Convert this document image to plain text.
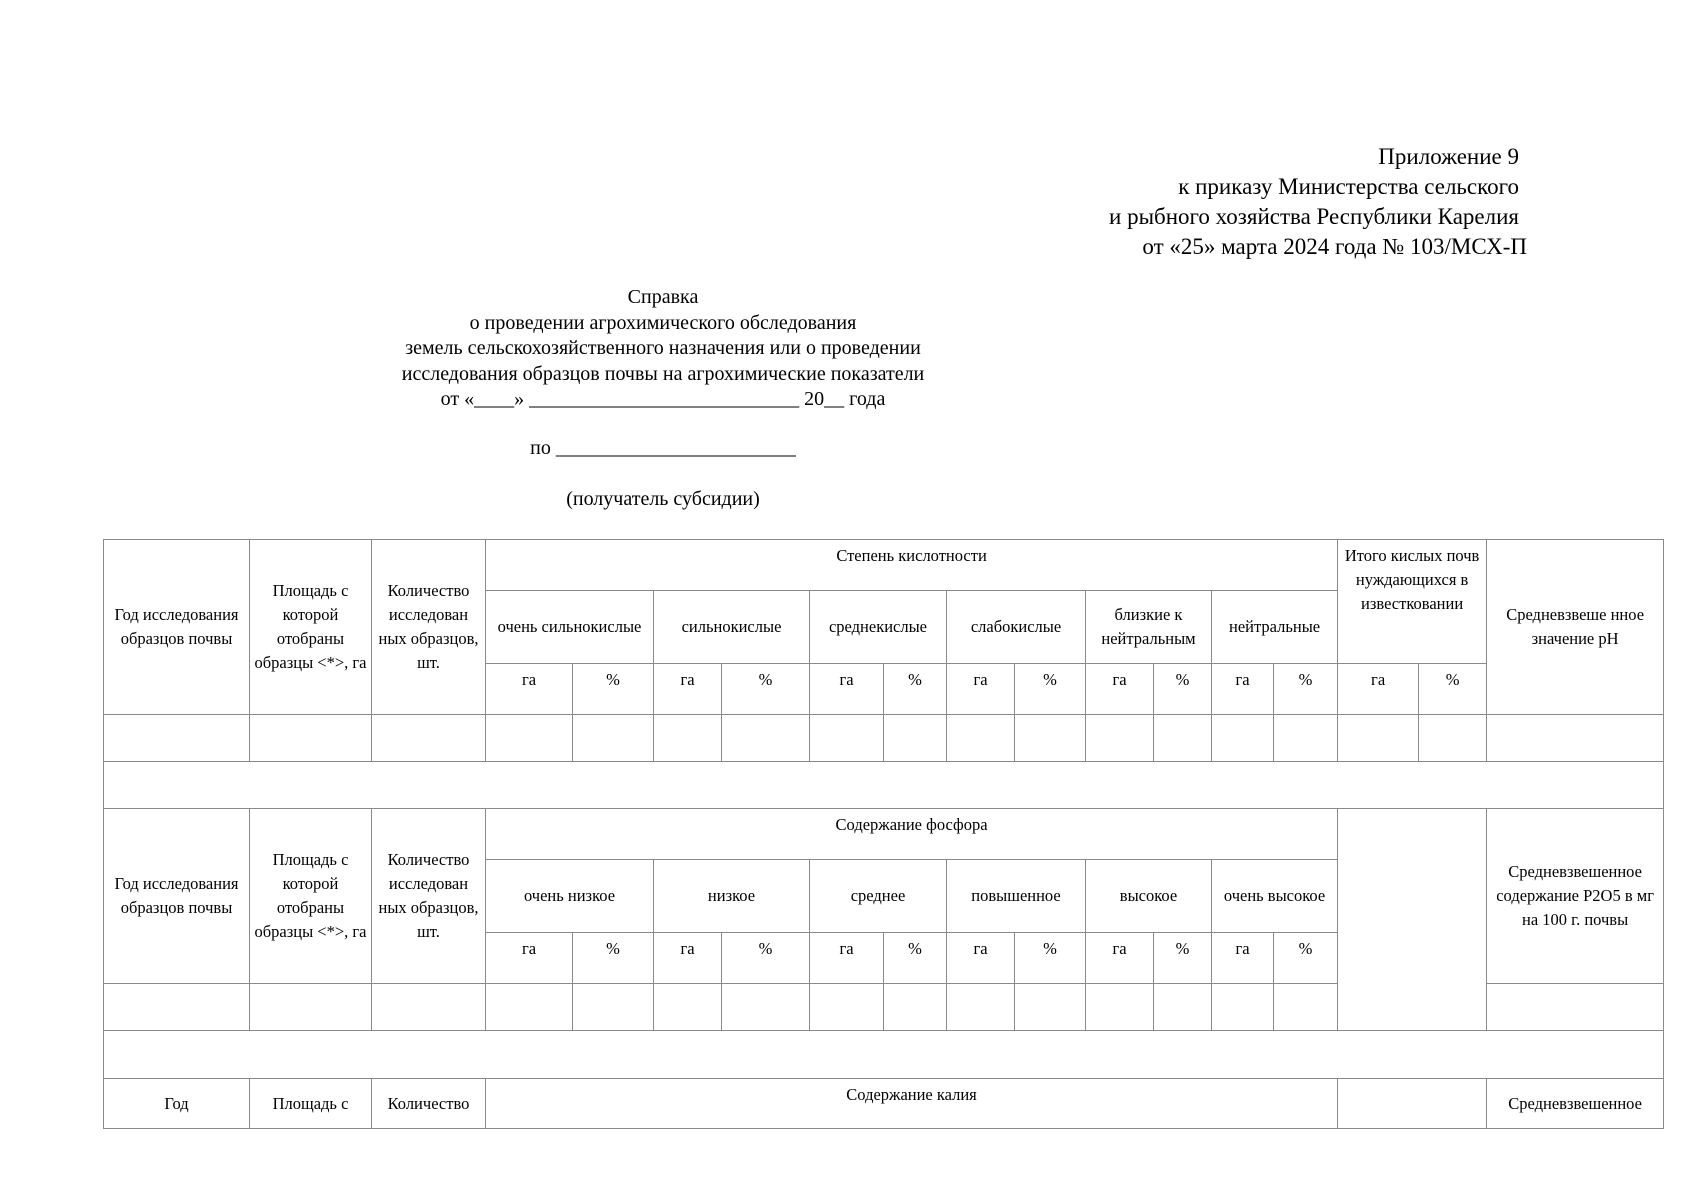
Приложение 9
к приказу Министерства сельского
и рыбного хозяйства Республики Карелия
от «25» марта 2024 года № 103/МСХ-П
Справка
о проведении агрохимического обследования
земель сельскохозяйственного назначения или о проведении
исследования образцов почвы на агрохимические показатели
от «____» ___________________________ 20__ года
по ________________________
(получатель субсидии)
Год исследования образцов почвы	Площадь с которой отобраны образцы <*>, га	Количество исследован ных образцов, шт.	Степень кислотности												Итого кислых почв нуждающихся в известковании		Средневзвеше нное значение pH
			очень сильнокислые		сильнокислые		среднекислые		слабокислые		близкие к нейтральным		нейтральные				
			га	%	га	%	га	%	га	%	га	%	га	%	га	%	

Год исследования образцов почвы	Площадь с которой отобраны образцы <*>, га	Количество исследован ных образцов, шт.	Содержание фосфора														Средневзвешенное содержание P2O5 в мг на 100 г. почвы
			очень низкое		низкое		среднее		повышенное		высокое		очень высокое				
			га	%	га	%	га	%	га	%	га	%	га	%			

Год	Площадь с	Количество	Содержание калия														Средневзвешенное
